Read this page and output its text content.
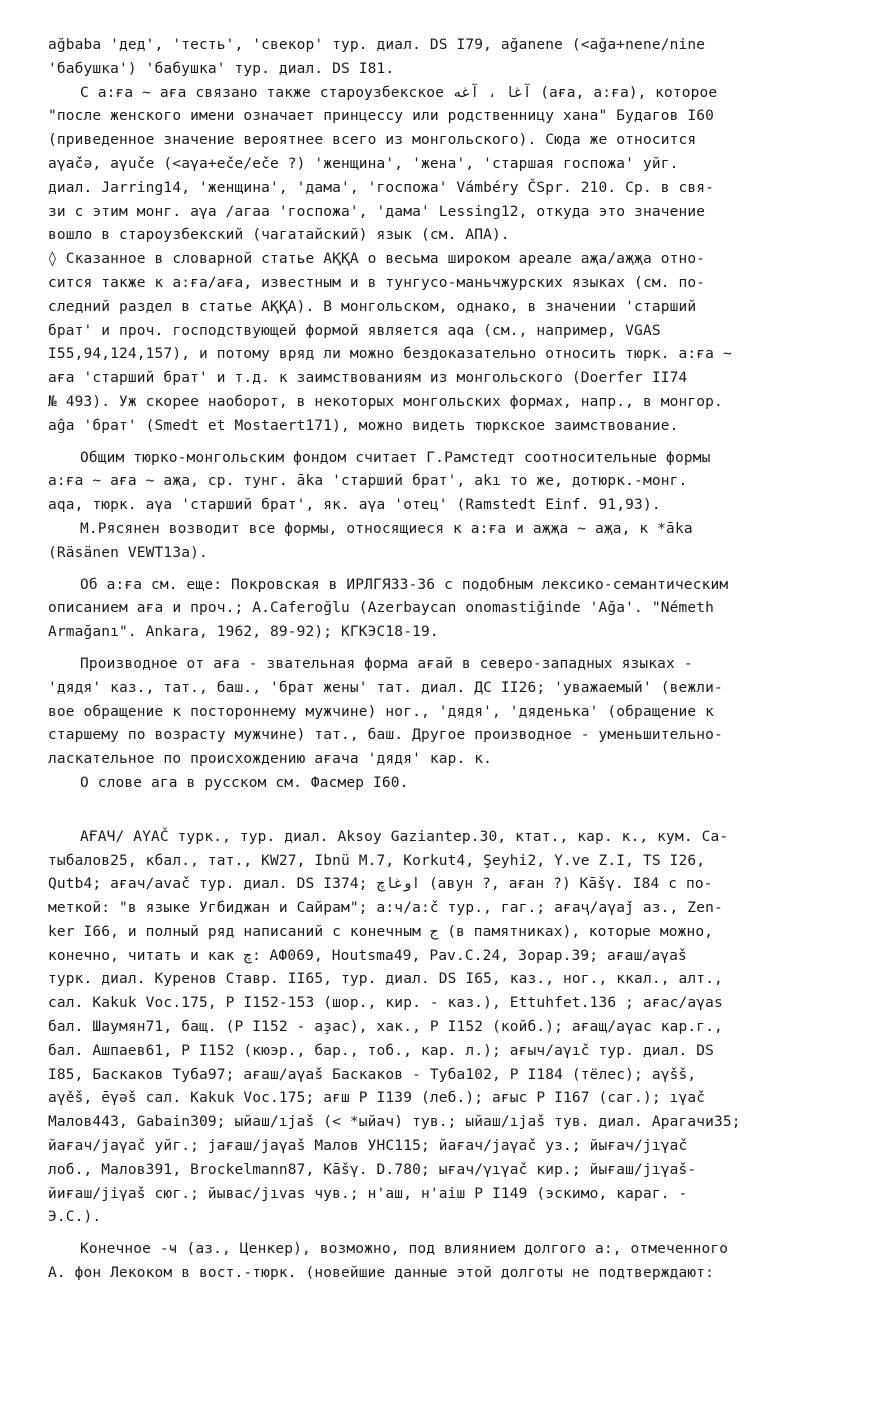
ağbaba 'дед', 'тесть', 'свекор' тур. диал. DS I79, ağanene (<ağa+nene/nine
'бабушка') 'бабушка' тур. диал. DS I81.
С а:ға ~ аға связано также староузбекское آغا ، آغه (аға, а:ға), которое
"после женского имени означает принцессу или родственницу хана" Будагов I60
(приведенное значение вероятнее всего из монгольского). Сюда же относится
aγačə, aγuče (<aγa+eče/eče ?) 'женщина', 'жена', 'старшая госпожа' уйг.
диал. Jarring14, 'женщина', 'дама', 'госпожа' Vámbéry ČSpr. 210. Ср. в свя-
зи с этим монг. aγa /агаа 'госпожа', 'дама' Lessing12, откуда это значение
вошло в староузбекский (чагатайский) язык (см. АПА).
◊ Сказанное в словарной статье АҚҚА о весьма широком ареале аҗа/аҗҗа отно-
сится также к а:ға/аға, известным и в тунгусо-маньчжурских языках (см. по-
следний раздел в статье АҚҚА). В монгольском, однако, в значении 'старший
брат' и проч. господствующей формой является aqa (см., например, VGAS
I55,94,124,157), и потому вряд ли можно бездоказательно относить тюрк. а:ға ~
аға 'старший брат' и т.д. к заимствованиям из монгольского (Doerfer II74
№ 493). Уж скорее наоборот, в некоторых монгольских формах, напр., в монгор.
aĝa 'брат' (Smedt et Mostaert171), можно видеть тюркское заимствование.
Общим тюрко-монгольским фондом считает Г.Рамстедт соотносительные формы
а:ға ~ аға ~ аҗа, ср. тунг. ākа 'старший брат', akı то же, дотюрк.-монг.
aqa, тюрк. aγa 'старший брат', як. aγa 'отец' (Ramstedt Einf. 91,93).
М.Рясянен возводит все формы, относящиеся к а:ға и аҗҗа ~ аҗа, к *āka
(Räsänen VEWT13a).
Об а:ға см. еще: Покровская в ИРЛГЯ33-36 с подобным лексико-семантическим
описанием аға и проч.; A.Caferoğlu (Azerbaycan onomastiğinde 'Ağa'. "Németh
Armağanı". Ankara, 1962, 89-92); КГКЭС18-19.
Производное от аға - звательная форма ағай в северо-западных языках -
'дядя' каз., тат., баш., 'брат жены' тат. диал. ДС II26; 'уважаемый' (вежли-
вое обращение к постороннему мужчине) ног., 'дядя', 'дяденька' (обращение к
старшему по возрасту мужчине) тат., баш. Другое производное - уменьшительно-
ласкательное по происхождению ағача 'дядя' кар. к.
О слове ага в русском см. Фасмер I60.
АҒАЧ/ AΥAČ турк., тур. диал. Aksoy Gaziantep.30, ктат., кар. к., кум. Са-
тыбалов25, кбал., тат., KW27, Ibnü M.7, Korkut4, Şeyhi2, Y.ve Z.I, TS I26,
Qutb4; ағач/avač тур. диал. DS I374; اوغاچ (авун ?, аған ?) Kāšγ. I84 с по-
меткой: "в языке Угбиджан и Сайрам"; а:ч/a:č тур., гаг.; ағаҷ/aγaǰ аз., Zen-
ker I66, и полный ряд написаний с конечным ج (в памятниках), которые можно,
конечно, читать и как چ: АФ069, Houtsma49, Pav.C.24, Зорар.39; ағаш/aγaš
турк. диал. Куренов Ставр. II65, тур. диал. DS I65, каз., ног., ккал., алт.,
сал. Kakuk Voc.175, P I152-153 (шор., кир. - каз.), Ettuhfet.136 ; ағас/aγas
бал. Шаумян71, бащ. (P I152 - аҙас), хак., P I152 (койб.); ағащ/aγac кар.г.,
бал. Ашпаев61, P I152 (кюэр., бар., тоб., кар. л.); ағыч/aγıč тур. диал. DS
I85, Баскаков Туба97; ағаш/aγaš Баскаков - Туба102, P I184 (тёлес); aγšš,
aγěš, ēγəš сал. Kakuk Voc.175; ағш P I139 (леб.); ағыс P I167 (саг.); ıγač
Малов443, Gabain309; ыйаш/ıjaš (< *ыйач) тув.; ыйаш/ıjaš тув. диал. Арагачи35;
йағач/jaγač уйг.; jағаш/jaγaš Малов УНС115; йағач/jaγač уз.; йығач/jıγač
лоб., Малов391, Brockelmann87, Kāšγ. D.780; ығач/γıγač кир.; йығаш/jıγaš-
йиғаш/jiγaš сюг.; йывас/jıvas чув.; н'аш, н'аіш P I149 (эскимо, караг. -
Э.С.).
Конечное -ҹ (аз., Ценкер), возможно, под влиянием долгого а:, отмеченного
А. фон Лекоком в вост.-тюрк. (новейшие данные этой долготы не подтверждают:
